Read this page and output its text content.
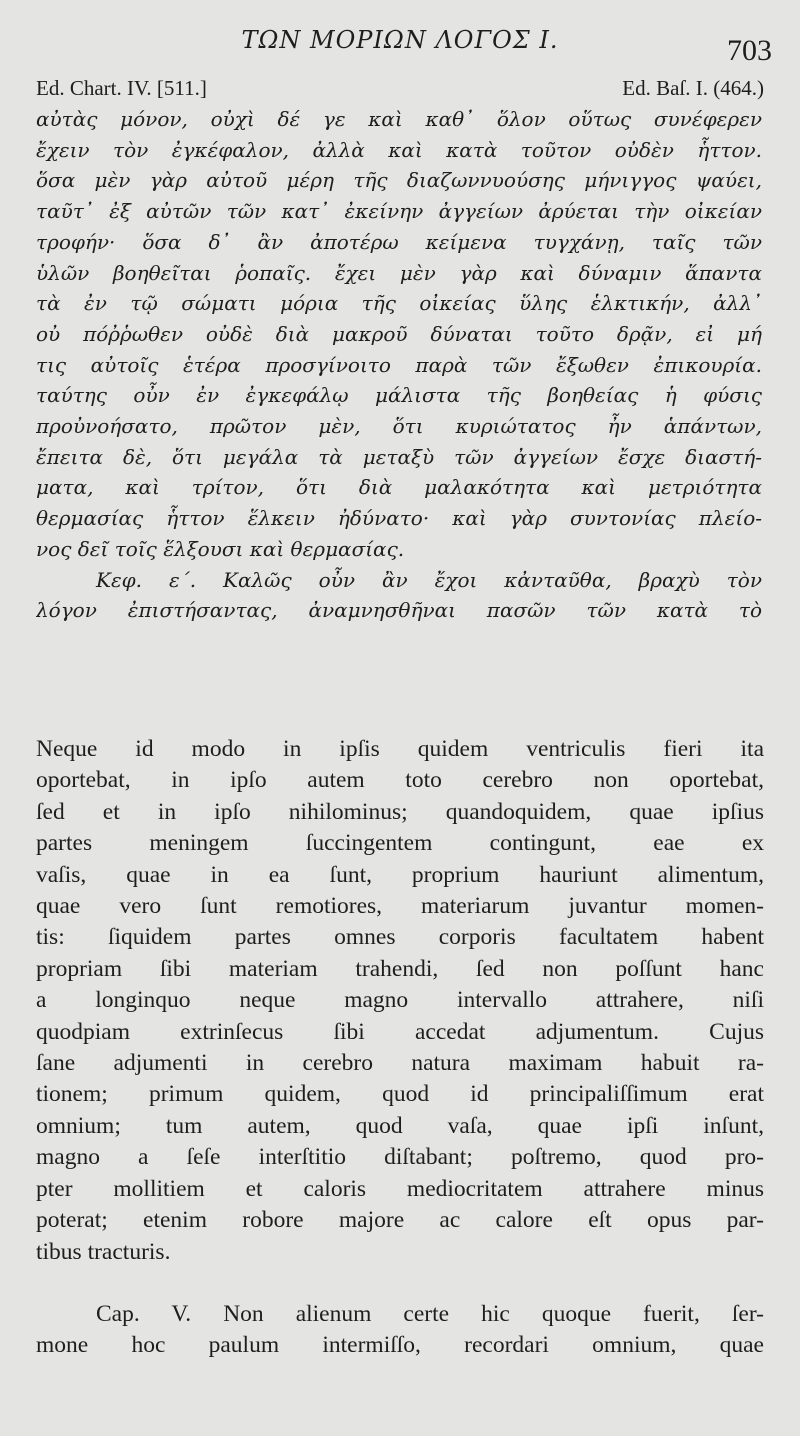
ΤΩΝ ΜΟΡΙΩΝ ΛΟΓΟΣ Ι.	703
Ed. Chart. IV. [511.]	Ed. Baſ. I. (464.)
αὐτὰς μόνον, οὐχὶ δέ γε καὶ καθ᾿ ὅλον οὕτως συνέφερεν
ἔχειν τὸν ἐγκέφαλον, ἀλλὰ καὶ κατὰ τοῦτον οὐδὲν ἧττον.
ὅσα μὲν γὰρ αὐτοῦ μέρη τῆς διαζωννυούσης μήνιγγος ψαύει,
ταῦτ᾿ ἐξ αὐτῶν τῶν κατ᾿ ἐκείνην ἀγγείων ἀρύεται τὴν οἰκείαν
τροφήν· ὅσα δ᾿ ἂν ἀποτέρω κείμενα τυγχάνῃ, ταῖς τῶν
ὑλῶν βοηθεῖται ῥοπαῖς. ἔχει μὲν γὰρ καὶ δύναμιν ἅπαντα
τὰ ἐν τῷ σώματι μόρια τῆς οἰκείας ὕλης ἑλκτικήν, ἀλλ᾿
οὐ πόῤῥωθεν οὐδὲ διὰ μακροῦ δύναται τοῦτο δρᾷν, εἰ μή
τις αὐτοῖς ἑτέρα προσγίνοιτο παρὰ τῶν ἔξωθεν ἐπικουρία.
ταύτης οὖν ἐν ἐγκεφάλῳ μάλιστα τῆς βοηθείας ἡ φύσις
προὐνοήσατο, πρῶτον μὲν, ὅτι κυριώτατος ἦν ἁπάντων,
ἔπειτα δὲ, ὅτι μεγάλα τὰ μεταξὺ τῶν ἀγγείων ἔσχε διαστή-
ματα, καὶ τρίτον, ὅτι διὰ μαλακότητα καὶ μετριότητα
θερμασίας ἧττον ἕλκειν ἠδύνατο· καὶ γὰρ συντονίας πλείο-
νος δεῖ τοῖς ἕλξουσι καὶ θερμασίας.
Κεφ. ε΄. Καλῶς οὖν ἂν ἔχοι κἀνταῦθα, βραχὺ τὸν
λόγον ἐπιστήσαντας, ἀναμνησθῆναι πασῶν τῶν κατὰ τὸ
Neque id modo in ipſis quidem ventriculis fieri ita
oportebat, in ipſo autem toto cerebro non oportebat,
ſed et in ipſo nihilominus; quandoquidem, quae ipſius
partes meningem ſuccingentem contingunt, eae ex
vaſis, quae in ea ſunt, proprium hauriunt alimentum,
quae vero ſunt remotiores, materiarum juvantur momen-
tis: ſiquidem partes omnes corporis facultatem habent
propriam ſibi materiam trahendi, ſed non poſſunt hanc
a longinquo neque magno intervallo attrahere, niſi
quodpiam extrinſecus ſibi accedat adjumentum. Cujus
ſane adjumenti in cerebro natura maximam habuit ra-
tionem; primum quidem, quod id principaliſſimum erat
omnium; tum autem, quod vaſa, quae ipſi inſunt,
magno a ſeſe interſtitio diſtabant; poſtremo, quod pro-
pter mollitiem et caloris mediocritatem attrahere minus
poterat; etenim robore majore ac calore eſt opus par-
tibus tracturis.
Cap. V. Non alienum certe hic quoque fuerit, ſer-
mone hoc paulum intermiſſo, recordari omnium, quae
